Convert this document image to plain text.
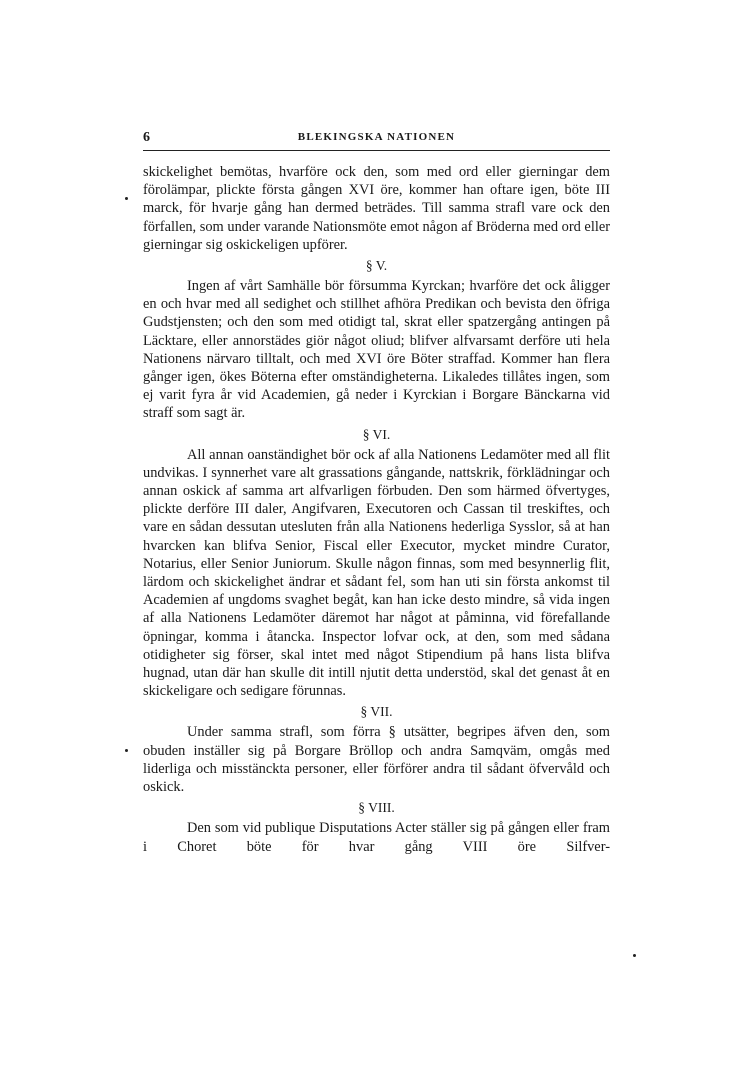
6	BLEKINGSKA NATIONEN

skickelighet bemötas, hvarföre ock den, som med ord eller gierningar dem förolämpar, plickte första gången XVI öre, kommer han oftare igen, böte III marck, för hvarje gång han dermed beträdes. Till samma strafl vare ock den förfallen, som under varande Nationsmöte emot någon af Bröderna med ord eller gierningar sig oskickeligen upförer.

§ V.

Ingen af vårt Samhälle bör försumma Kyrckan; hvarföre det ock åligger en och hvar med all sedighet och stillhet afhöra Predikan och bevista den öfriga Gudstjensten; och den som med otidigt tal, skrat eller spatzergång antingen på Läcktare, eller annorstädes giör något oliud; blifver alfvarsamt derföre uti hela Nationens närvaro tilltalt, och med XVI öre Böter straffad. Kommer han flera gånger igen, ökes Böterna efter omständigheterna. Likaledes tillåtes ingen, som ej varit fyra år vid Academien, gå neder i Kyrckian i Borgare Bänckarna vid straff som sagt är.

§ VI.

All annan oanständighet bör ock af alla Nationens Ledamöter med all flit undvikas. I synnerhet vare alt grassations gångande, nattskrik, förklädningar och annan oskick af samma art alfvarligen förbuden. Den som härmed öfvertyges, plickte derföre III daler, Angifvaren, Executoren och Cassan til treskiftes, och vare en sådan dessutan utesluten från alla Nationens hederliga Sysslor, så at han hvarcken kan blifva Senior, Fiscal eller Executor, mycket mindre Curator, Notarius, eller Senior Juniorum. Skulle någon finnas, som med besynnerlig flit, lärdom och skickelighet ändrar et sådant fel, som han uti sin första ankomst til Academien af ungdoms svaghet begåt, kan han icke desto mindre, så vida ingen af alla Nationens Ledamöter däremot har något at påminna, vid förefallande öpningar, komma i åtancka. Inspector lofvar ock, at den, som med sådana otidigheter sig förser, skal intet med något Stipendium på hans lista blifva hugnad, utan där han skulle dit intill njutit detta understöd, skal det genast åt en skickeligare och sedigare förunnas.

§ VII.

Under samma strafl, som förra § utsätter, begripes äfven den, som obuden inställer sig på Borgare Bröllop och andra Samqväm, omgås med liderliga och misstänckta personer, eller förförer andra til sådant öfvervåld och oskick.

§ VIII.

Den som vid publique Disputations Acter ställer sig på gången eller fram i Choret böte för hvar gång VIII öre Silfver-
